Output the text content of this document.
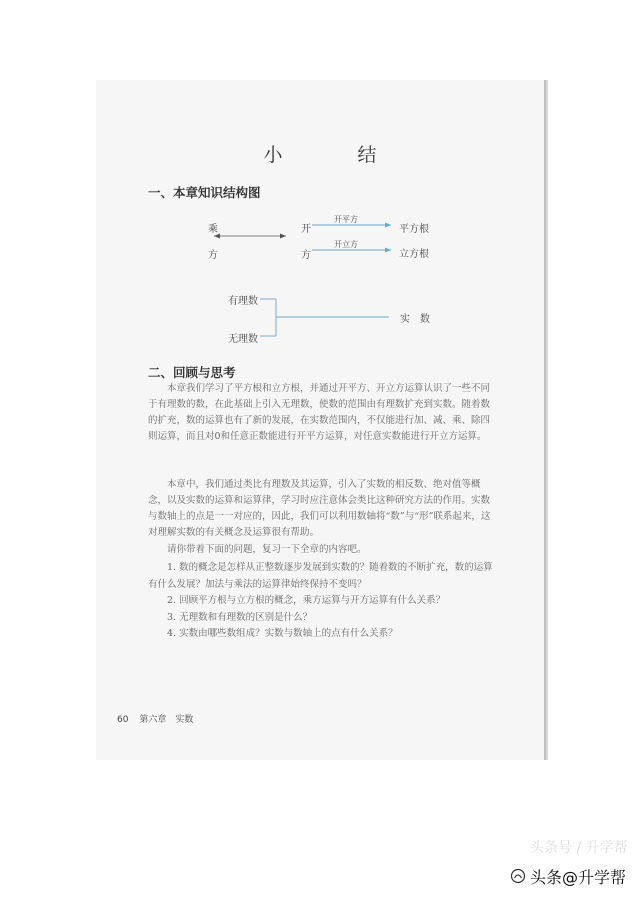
小　结
一、本章知识结构图
乘
方
开
方
开平方
开立方
平方根
立方根
有理数
无理数
实　数
二、回顾与思考

本章我们学习了平方根和立方根，并通过开平方、开立方运算认识了一些不同于有理数的数，在此基础上引入无理数，使数的范围由有理数扩充到实数。随着数的扩充，数的运算也有了新的发展，在实数范围内，不仅能进行加、减、乘、除四则运算，而且对0和任意正数能进行开平方运算，对任意实数能进行开立方运算。

本章中，我们通过类比有理数及其运算，引入了实数的相反数、绝对值等概念，以及实数的运算和运算律，学习时应注意体会类比这种研究方法的作用。实数与数轴上的点是一一对应的，因此，我们可以利用数轴将“数”与“形”联系起来，这对理解实数的有关概念及运算很有帮助。

请你带着下面的问题，复习一下全章的内容吧。

1. 数的概念是怎样从正整数逐步发展到实数的？随着数的不断扩充，数的运算有什么发展？加法与乘法的运算律始终保持不变吗？
2. 回顾平方根与立方根的概念，乘方运算与开方运算有什么关系？
3. 无理数和有理数的区别是什么？
4. 实数由哪些数组成？实数与数轴上的点有什么关系？
60 第六章　实数
头条号 / 升学帮
头条@升学帮
